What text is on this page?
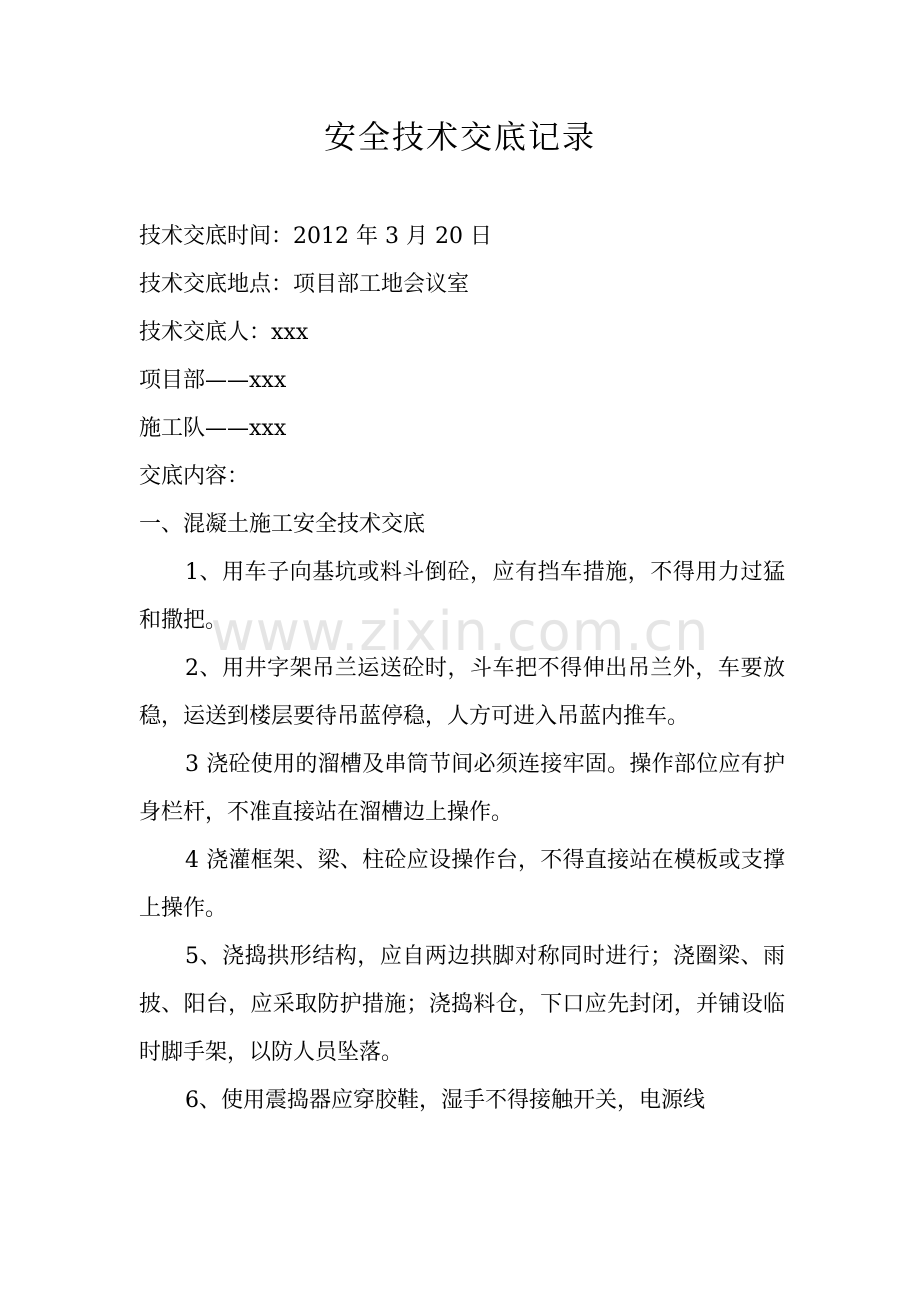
安全技术交底记录
技术交底时间：2012 年 3 月 20 日
技术交底地点：项目部工地会议室
技术交底人：xxx
项目部——xxx
施工队——xxx
交底内容：
一、混凝土施工安全技术交底
1、用车子向基坑或料斗倒砼，应有挡车措施，不得用力过猛和撒把。
2、用井字架吊兰运送砼时，斗车把不得伸出吊兰外，车要放稳，运送到楼层要待吊蓝停稳，人方可进入吊蓝内推车。
3 浇砼使用的溜槽及串筒节间必须连接牢固。操作部位应有护身栏杆，不准直接站在溜槽边上操作。
4 浇灌框架、梁、柱砼应设操作台，不得直接站在模板或支撑上操作。
5、浇捣拱形结构，应自两边拱脚对称同时进行；浇圈梁、雨披、阳台，应采取防护措施；浇捣料仓，下口应先封闭，并铺设临时脚手架，以防人员坠落。
6、使用震捣器应穿胶鞋，湿手不得接触开关，电源线
www.zixin.com.cn
